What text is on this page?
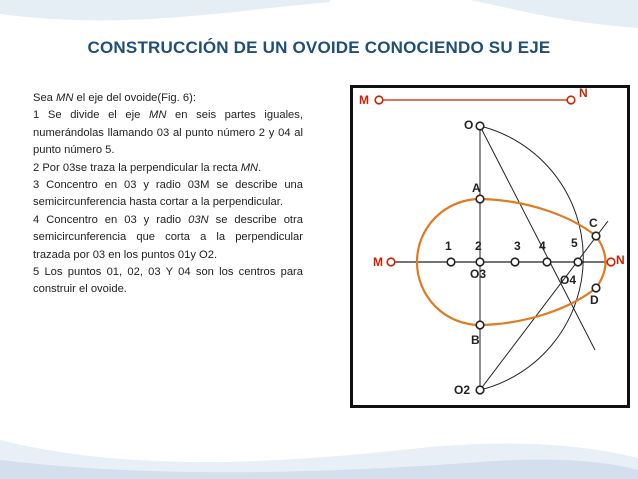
CONSTRUCCIÓN DE UN OVOIDE CONOCIENDO SU EJE

Sea MN el eje del ovoide(Fig. 6):

1 Se divide el eje MN en seis partes iguales, numerándolas llamando 03 al punto número 2 y 04 al punto número 5.

2 Por 03se traza la perpendicular la recta MN.

3 Concentro en 03 y radio 03M se describe una semicircunferencia hasta cortar a la perpendicular.

4 Concentro en 03 y radio 03N se describe otra semicircunferencia que corta a la perpendicular trazada por 03 en los puntos 01y O2.

5 Los puntos 01, 02, 03 Y 04 son los centros para construir el ovoide.

M	N
O
A
C
M
1 2	3 4 5
N
O3	O4
D
B
O2
